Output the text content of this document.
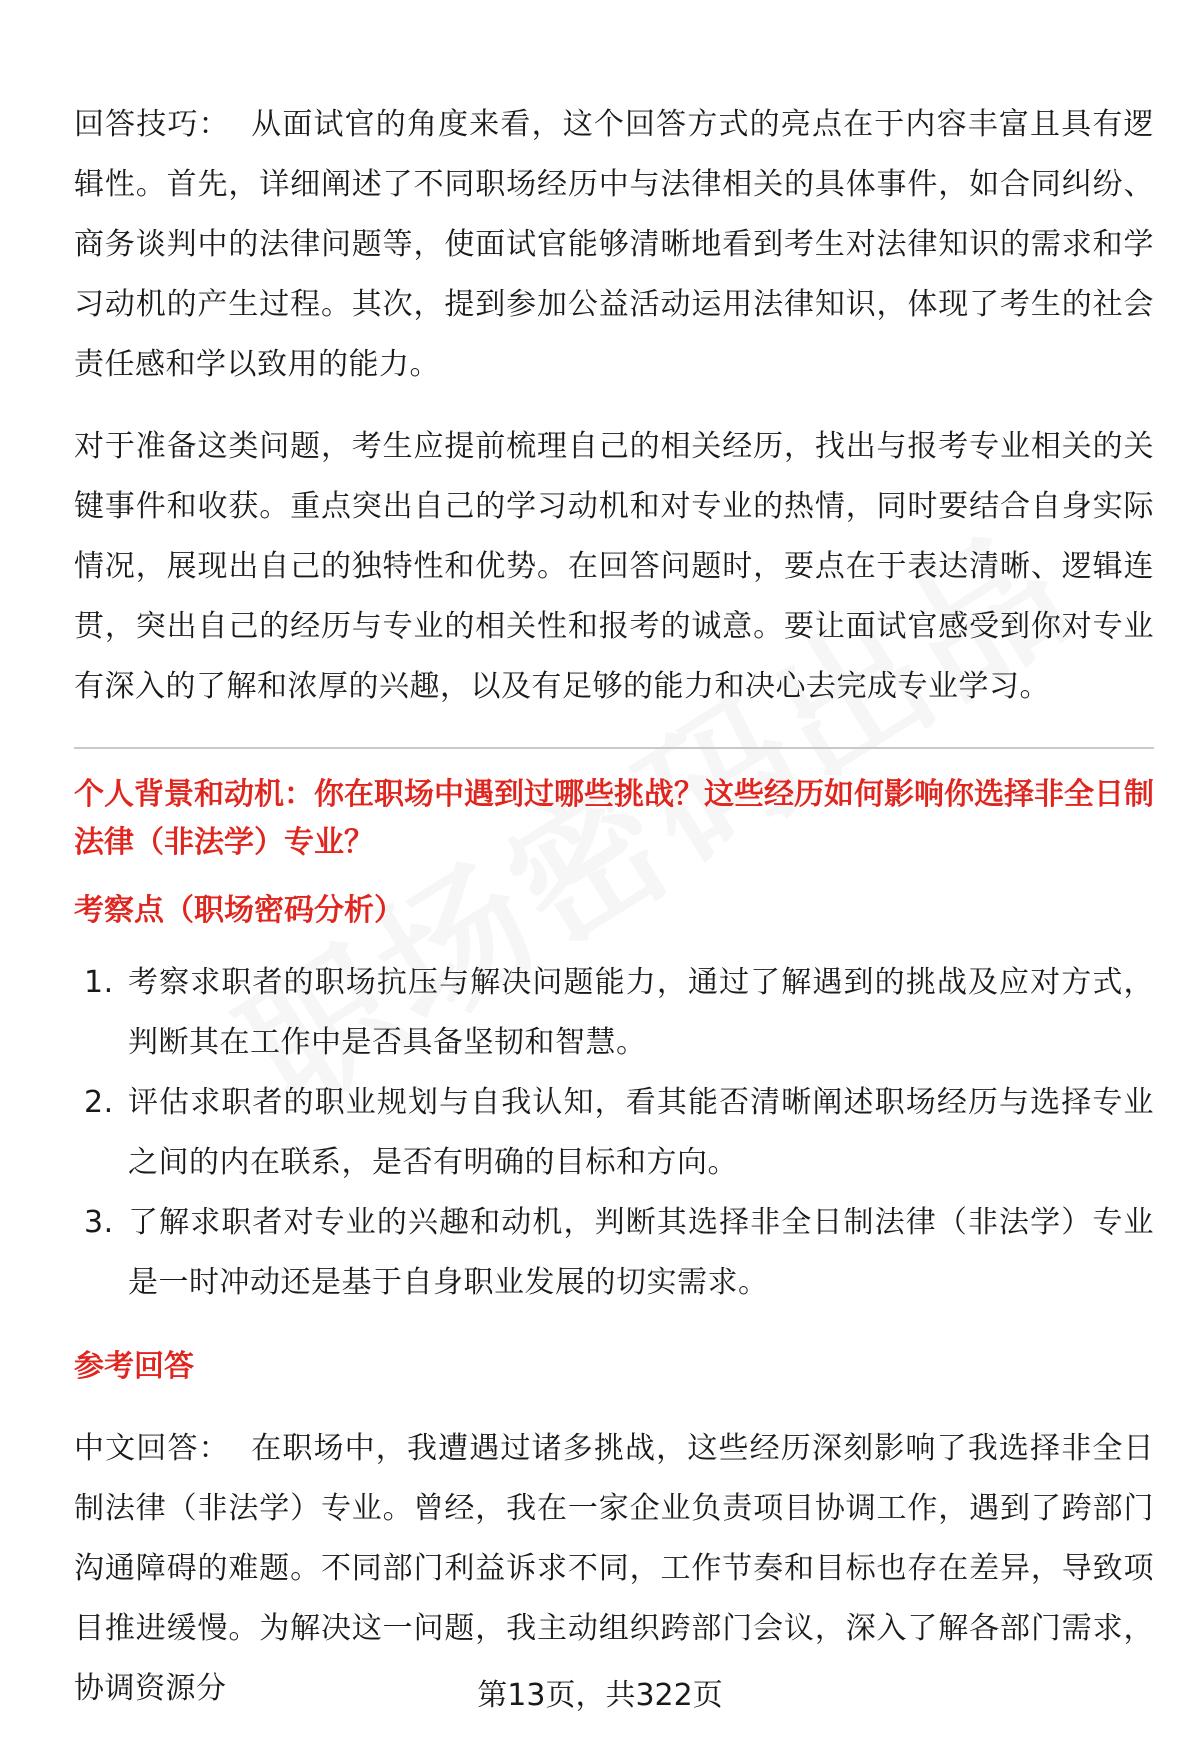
回答技巧： 从面试官的角度来看，这个回答方式的亮点在于内容丰富且具有逻辑性。首先，详细阐述了不同职场经历中与法律相关的具体事件，如合同纠纷、商务谈判中的法律问题等，使面试官能够清晰地看到考生对法律知识的需求和学习动机的产生过程。其次，提到参加公益活动运用法律知识，体现了考生的社会责任感和学以致用的能力。

对于准备这类问题，考生应提前梳理自己的相关经历，找出与报考专业相关的关键事件和收获。重点突出自己的学习动机和对专业的热情，同时要结合自身实际情况，展现出自己的独特性和优势。在回答问题时，要点在于表达清晰、逻辑连贯，突出自己的经历与专业的相关性和报考的诚意。要让面试官感受到你对专业有深入的了解和浓厚的兴趣，以及有足够的能力和决心去完成专业学习。

个人背景和动机：你在职场中遇到过哪些挑战？这些经历如何影响你选择非全日制法律（非法学）专业？

考察点（职场密码分析）

1. 考察求职者的职场抗压与解决问题能力，通过了解遇到的挑战及应对方式，判断其在工作中是否具备坚韧和智慧。
2. 评估求职者的职业规划与自我认知，看其能否清晰阐述职场经历与选择专业之间的内在联系，是否有明确的目标和方向。
3. 了解求职者对专业的兴趣和动机，判断其选择非全日制法律（非法学）专业是一时冲动还是基于自身职业发展的切实需求。

参考回答

中文回答： 在职场中，我遭遇过诸多挑战，这些经历深刻影响了我选择非全日制法律（非法学）专业。曾经，我在一家企业负责项目协调工作，遇到了跨部门沟通障碍的难题。不同部门利益诉求不同，工作节奏和目标也存在差异，导致项目推进缓慢。为解决这一问题，我主动组织跨部门会议，深入了解各部门需求，协调资源分	第13页，共322页
